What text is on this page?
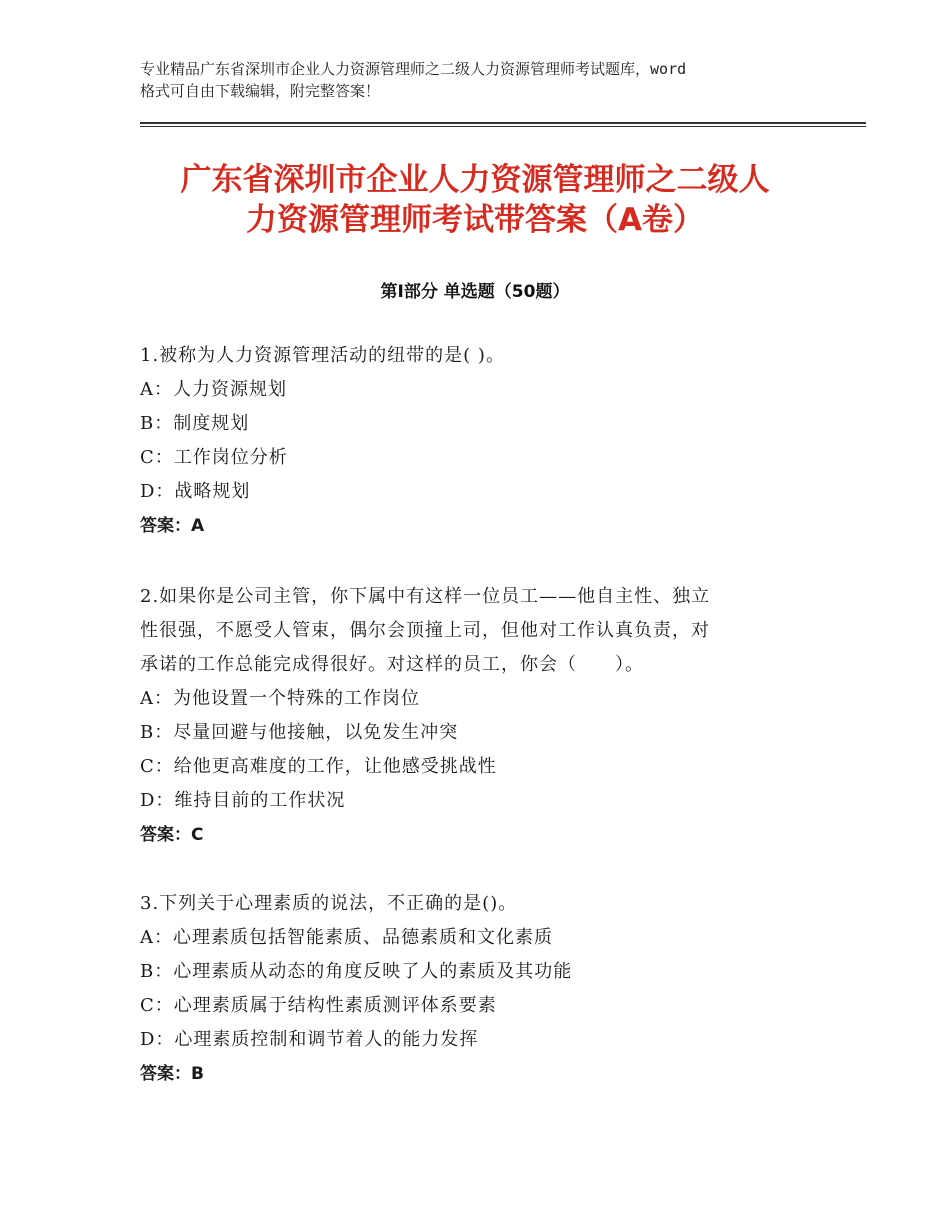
专业精品广东省深圳市企业人力资源管理师之二级人力资源管理师考试题库，word
格式可自由下载编辑，附完整答案！
广东省深圳市企业人力资源管理师之二级人
力资源管理师考试带答案（A卷）
第Ⅰ部分 单选题（50题）
1.被称为人力资源管理活动的纽带的是( )。
A：人力资源规划
B：制度规划
C：工作岗位分析
D：战略规划
答案：A
2.如果你是公司主管，你下属中有这样一位员工——他自主性、独立
性很强，不愿受人管束，偶尔会顶撞上司，但他对工作认真负责，对
承诺的工作总能完成得很好。对这样的员工，你会（　　）。
A：为他设置一个特殊的工作岗位
B：尽量回避与他接触，以免发生冲突
C：给他更高难度的工作，让他感受挑战性
D：维持目前的工作状况
答案：C
3.下列关于心理素质的说法，不正确的是()。
A：心理素质包括智能素质、品德素质和文化素质
B：心理素质从动态的角度反映了人的素质及其功能
C：心理素质属于结构性素质测评体系要素
D：心理素质控制和调节着人的能力发挥
答案：B
